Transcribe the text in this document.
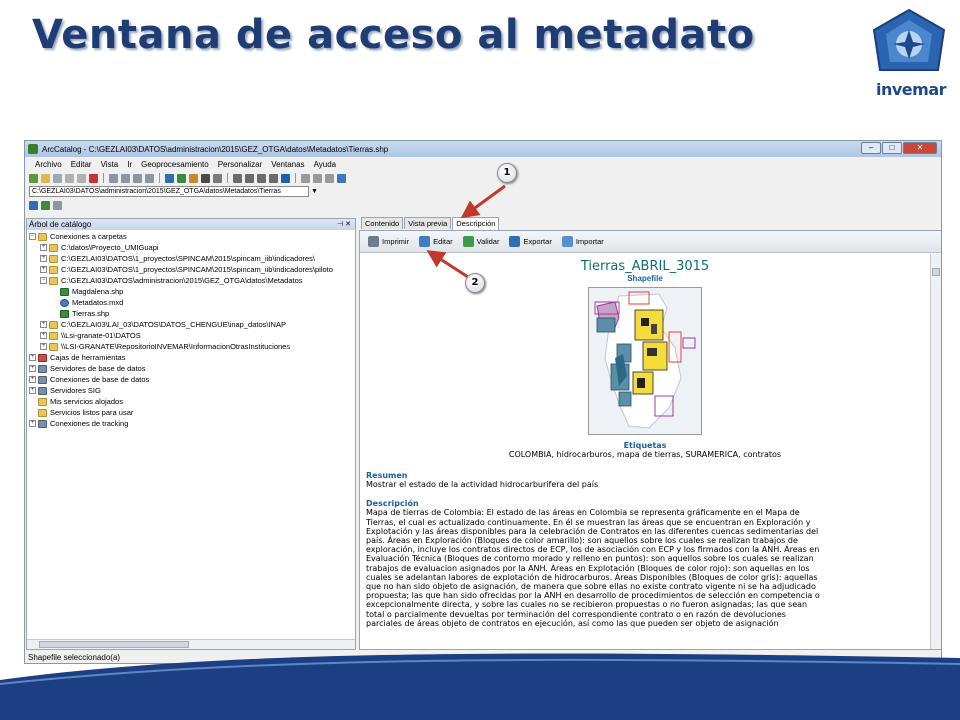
Ventana de acceso al metadato
invemar
ArcCatalog - C:\GEZLAI03\DATOS\administracion\2015\GEZ_OTGA\datos\Metadatos\Tierras.shp	–	□	✕
Archivo Editar Vista Ir Geoprocesamiento Personalizar Ventanas Ayuda
C:\GEZLAI03\DATOS\administracion\2015\GEZ_OTGA\datos\Metadatos\Tierras	▼
Árbol de catálogo	⊣ ✕
− Conexiones a carpetas
+ C:\datos\Proyecto_UMIGuapi
+ C:\GEZLAI03\DATOS\1_proyectos\SPINCAM\2015\spincam_iib\indicadores\
+ C:\GEZLAI03\DATOS\1_proyectos\SPINCAM\2015\spincam_iib\indicadores\piloto
− C:\GEZLAI03\DATOS\administracion\2015\GEZ_OTGA\datos\Metadatos
Magdalena.shp
Metadatos.mxd
Tierras.shp
+ C:\GEZLAI03\LAI_03\DATOS\DATOS_CHENGUE\inap_datos\INAP
+ \\Lsi-granate-01\DATOS
+ \\LSI-GRANATE\RepositorioINVEMAR\InformacionOtrasInstituciones
+ Cajas de herramientas
+ Servidores de base de datos
+ Conexiones de base de datos
+ Servidores SIG
Mis servicios alojados
Servicios listos para usar
+ Conexiones de tracking
Contenido	Vista previa	Descripción
Imprimir	Editar	Validar	Exportar	Importar
Tierras_ABRIL_3015
Shapefile
Etiquetas
COLOMBIA, hidrocarburos, mapa de tierras, SURAMERICA, contratos
Resumen
Mostrar el estado de la actividad hidrocarburifera del país
Descripción
Mapa de tierras de Colombia: El estado de las áreas en Colombia se representa gráficamente en el Mapa de
Tierras, el cual es actualizado continuamente. En él se muestran las áreas que se encuentran en Exploración y
Explotación y las áreas disponibles para la celebración de Contratos en las diferentes cuencas sedimentarias del
país. Áreas en Exploración (Bloques de color amarillo): son aquellos sobre los cuales se realizan trabajos de
exploración, incluye los contratos directos de ECP, los de asociación con ECP y los firmados con la ANH. Áreas en
Evaluación Técnica (Bloques de contorno morado y relleno en puntos): son aquellos sobre los cuales se realizan
trabajos de evaluacion asignados por la ANH. Áreas en Explotación (Bloques de color rojo): son aquellas en los
cuales se adelantan labores de explotación de hidrocarburos. Áreas Disponibles (Bloques de color gris): aquellas
que no han sido objeto de asignación, de manera que sobre ellas no existe contrato vigente ni se ha adjudicado
propuesta; las que han sido ofrecidas por la ANH en desarrollo de procedimientos de selección en competencia o
excepcionalmente directa, y sobre las cuales no se recibieron propuestas o no fueron asignadas; las que sean
total o parcialmente devueltas por terminación del correspondiente contrato o en razón de devoluciones
parciales de áreas objeto de contratos en ejecución, así como las que pueden ser objeto de asignación
Shapefile seleccionado(a)
1
2
